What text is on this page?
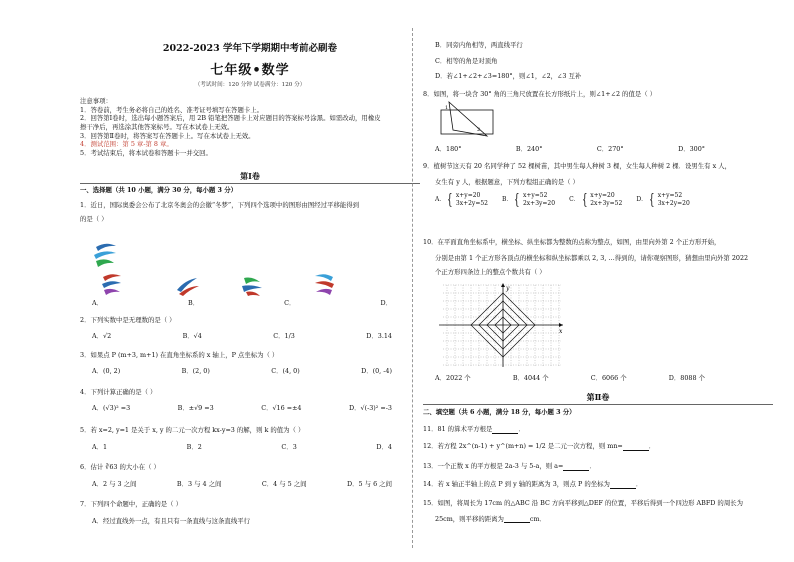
2022-2023 学年下学期期中考前必刷卷
七年级•数学
（考试时间：120 分钟 试卷满分：120 分）

注意事项：

1．答卷前，考生务必将自己的姓名、准考证号填写在答题卡上。

2．回答第Ⅰ卷时，选出每小题答案后，用 2B 铅笔把答题卡上对应题目的答案标号涂黑。如需改动，用橡皮

擦干净后，再选涂其他答案标号。写在本试卷上无效。

3．回答第Ⅱ卷时，将答案写在答题卡上。写在本试卷上无效。

4．测试范围：第 5 章-第 8 章。

5．考试结束后，将本试卷和答题卡一并交回。

第Ⅰ卷
一、选择题（共 10 小题，满分 30 分，每小题 3 分）

1．近日，国际奥委会公布了北京冬奥会的会徽“冬梦”，下列四个选项中的图形由图经过平移能得到

的是（ ）

A．	B．	C．	D．

2．下列实数中是无理数的是（ ）

A．√2	B．√4	C．1/3	D．3.14

3．如果点 P (m+3, m+1) 在直角坐标系的 x 轴上，P 点坐标为（ ）

A．(0, 2)	B．(2, 0)	C．(4, 0)	D．(0, -4)

4．下列计算正确的是（ ）

A．(√3)² =3	B．±√9 =3	C．√16 =±4	D．√(-3)² =-3

5．若 x=2, y=1 是关于 x, y 的二元一次方程 kx-y=3 的解，则 k 的值为（ ）

A．1	B．2	C．3	D．4

6．估计 ∛63 的大小在（ ）

A．2 与 3 之间	B．3 与 4 之间	C．4 与 5 之间	D．5 与 6 之间

7．下列四个命题中，正确的是（ ）

A．经过直线外一点，有且只有一条直线与这条直线平行

B．同旁内角相等，两直线平行

C．相等的角是对顶角

D．若∠1+∠2+∠3=180°，则∠1，∠2，∠3 互补

8．如图，将一块含 30° 角的三角尺放置在长方形纸片上，则∠1+∠2 的值是（ ）

1
2
A．180°	B．240°	C．270°	D．300°

9．植树节这天有 20 名同学种了 52 棵树苗，其中男生每人种树 3 棵，女生每人种树 2 棵．设男生有 x 人，

女生有 y 人，根据题意，下列方程组正确的是（ ）

A． { x+y=20
3x+2y=52
B． { x+y=52
2x+3y=20
C． { x+y=20
2x+3y=52
D． { x+y=52
3x+2y=20

10．在平面直角坐标系中，横坐标、纵坐标都为整数的点称为整点，如图，由里向外第 2 个正方形开始，

分别是由第 1 个正方形各顶点的横坐标和纵坐标都乘以 2, 3, …得到的，请你观察图形，猜想由里向外第 2022

个正方形四条边上的整点个数共有（ ）

x
y
A．2022 个	B．4044 个	C．6066 个	D．8088 个
第Ⅱ卷
二、填空题（共 6 小题，满分 18 分，每小题 3 分）

11．81 的算术平方根是	．

12．若方程 2x^(n-1) + y^(m+n) = 1/2 是二元一次方程，则 mn=	．

13．一个正数 x 的平方根是 2a-3 与 5-a，则 a=	．

14．若 x 轴正半轴上的点 P 到 y 轴的距离为 3，则点 P 的坐标为	．

15．如图，将周长为 17cm 的△ABC 沿 BC 方向平移到△DEF 的位置，平移后得到一个四边形 ABFD 的周长为

25cm，则平移的距离为	cm．
